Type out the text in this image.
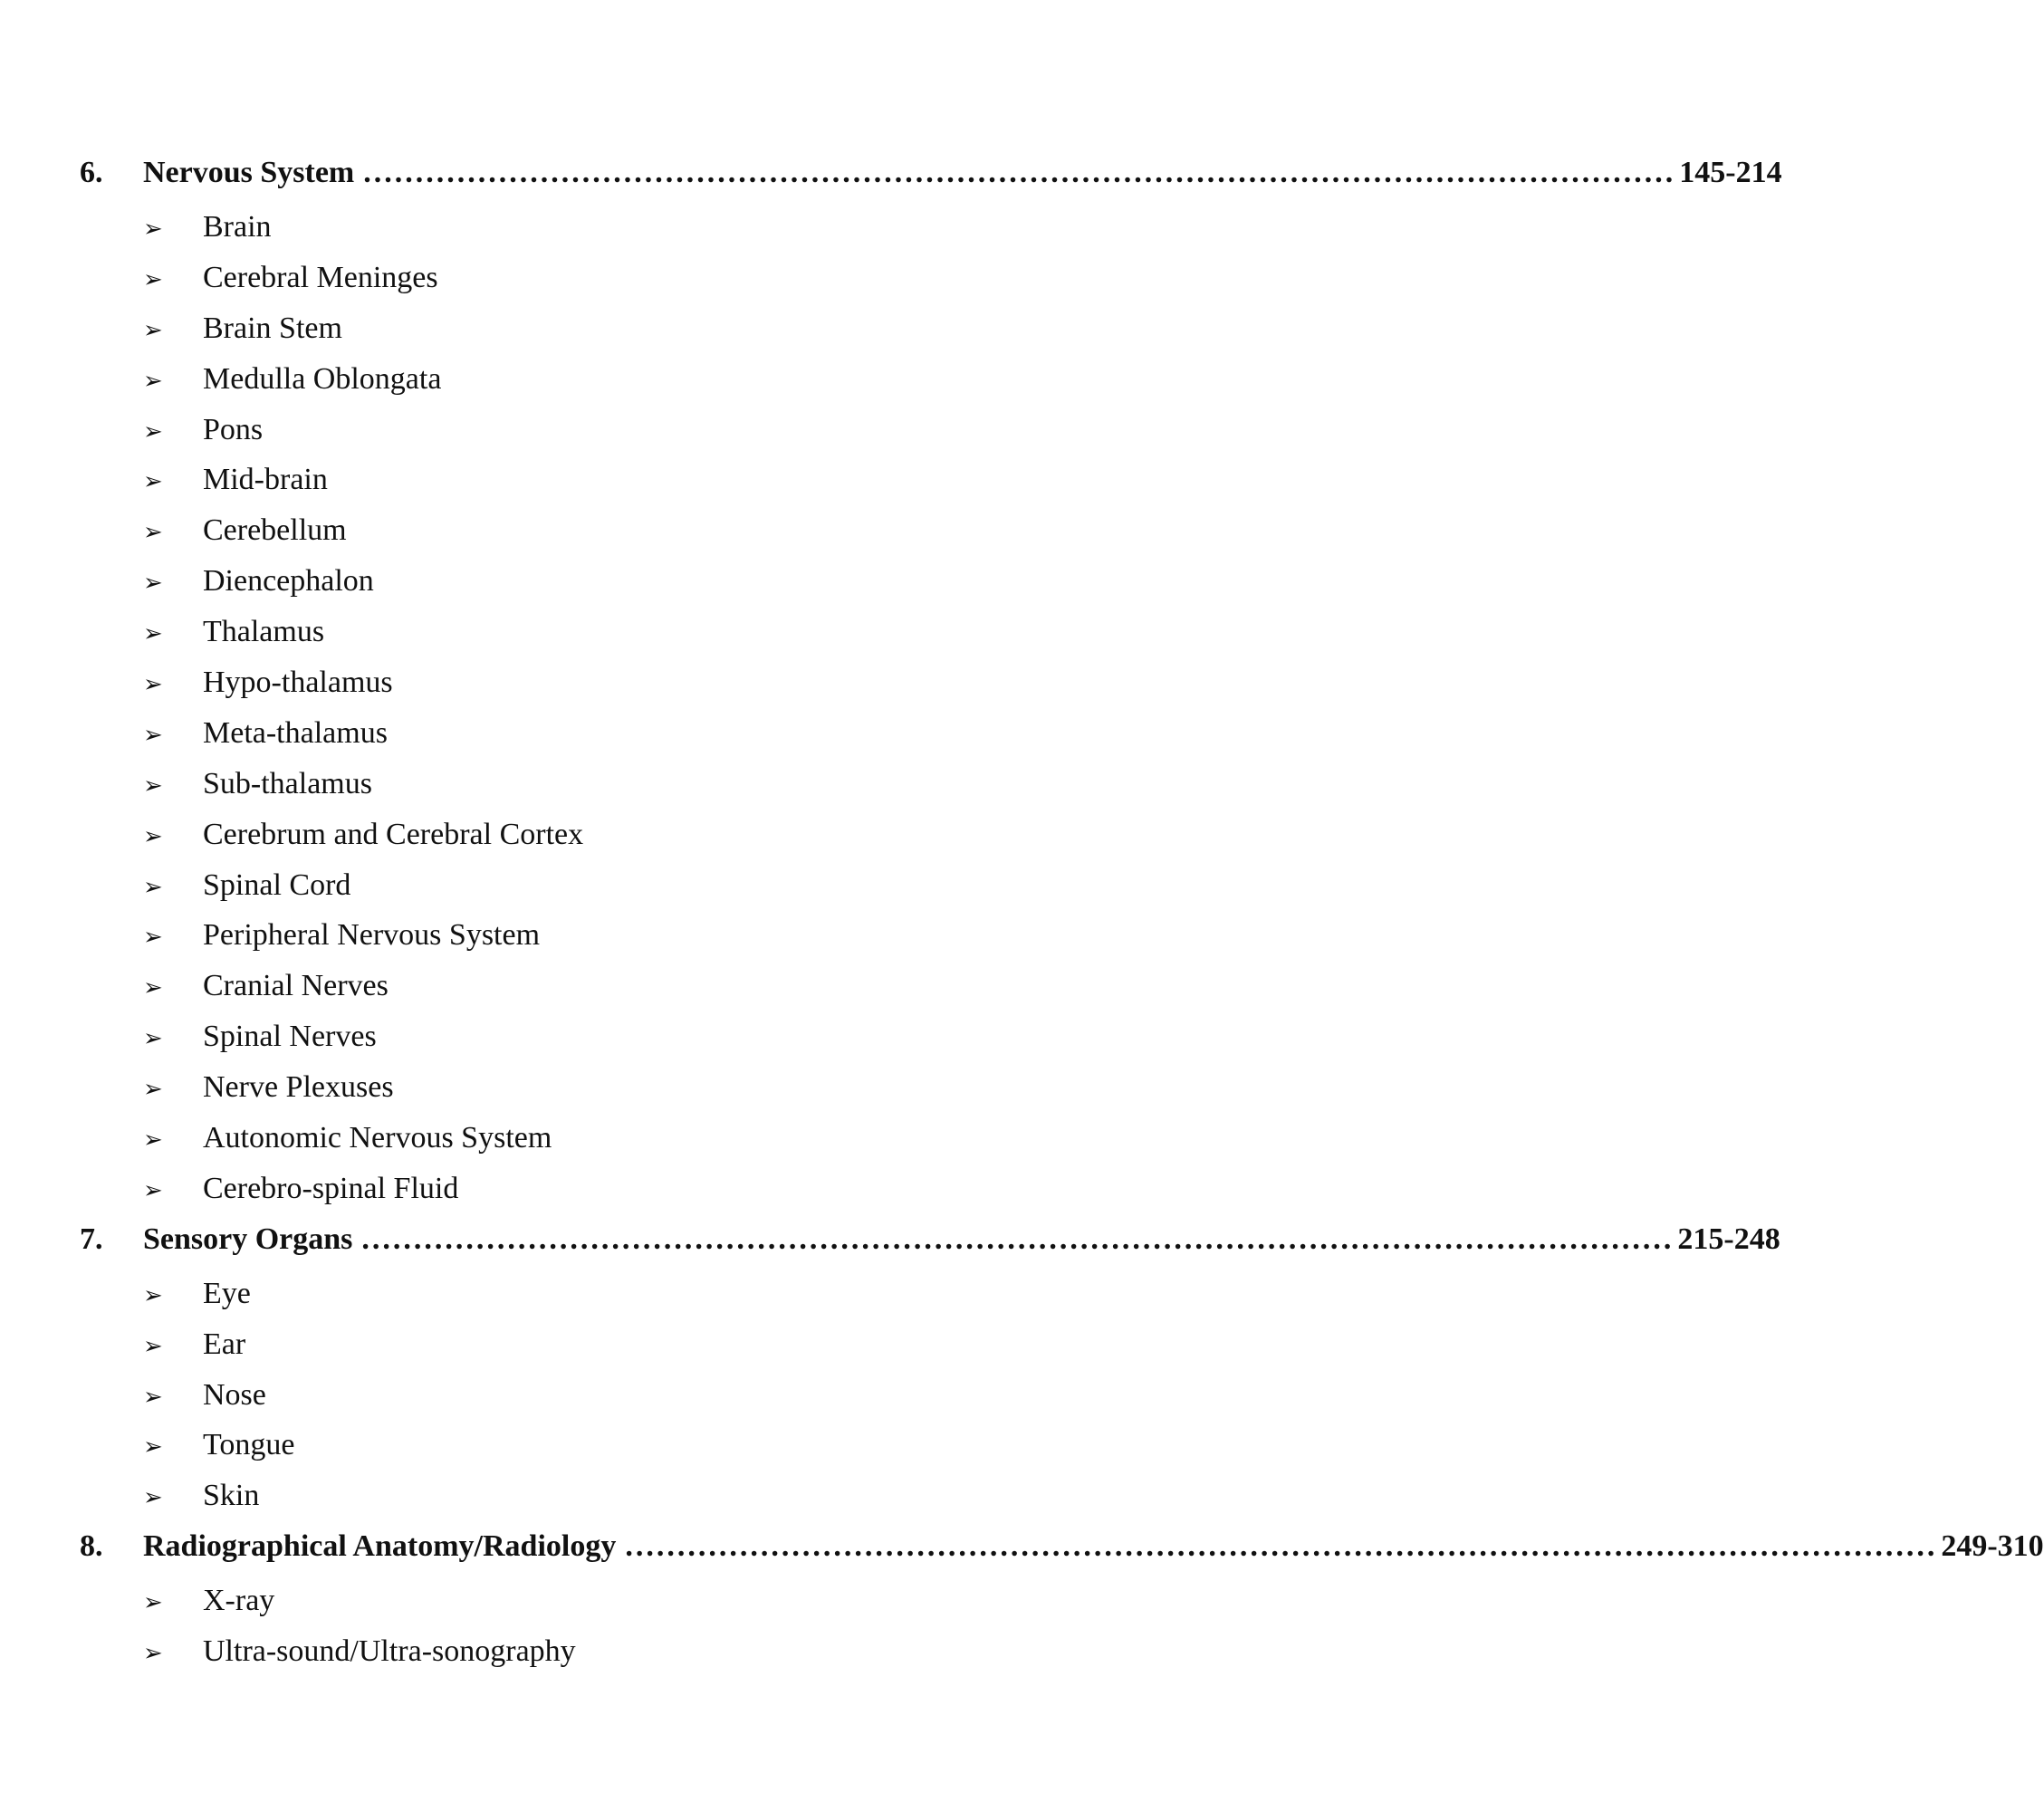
6.	Nervous System .............................................................................................................................. 145-214
➢	Brain
➢	Cerebral Meninges
➢	Brain Stem
➢	Medulla Oblongata
➢	Pons
➢	Mid-brain
➢	Cerebellum
➢	Diencephalon
➢	Thalamus
➢	Hypo-thalamus
➢	Meta-thalamus
➢	Sub-thalamus
➢	Cerebrum and Cerebral Cortex
➢	Spinal Cord
➢	Peripheral Nervous System
➢	Cranial Nerves
➢	Spinal Nerves
➢	Nerve Plexuses
➢	Autonomic Nervous System
➢	Cerebro-spinal Fluid
7.	Sensory Organs .............................................................................................................................. 215-248
➢	Eye
➢	Ear
➢	Nose
➢	Tongue
➢	Skin
8.	Radiographical Anatomy/Radiology .............................................................................................................................. 249-310
➢	X-ray
➢	Ultra-sound/Ultra-sonography
